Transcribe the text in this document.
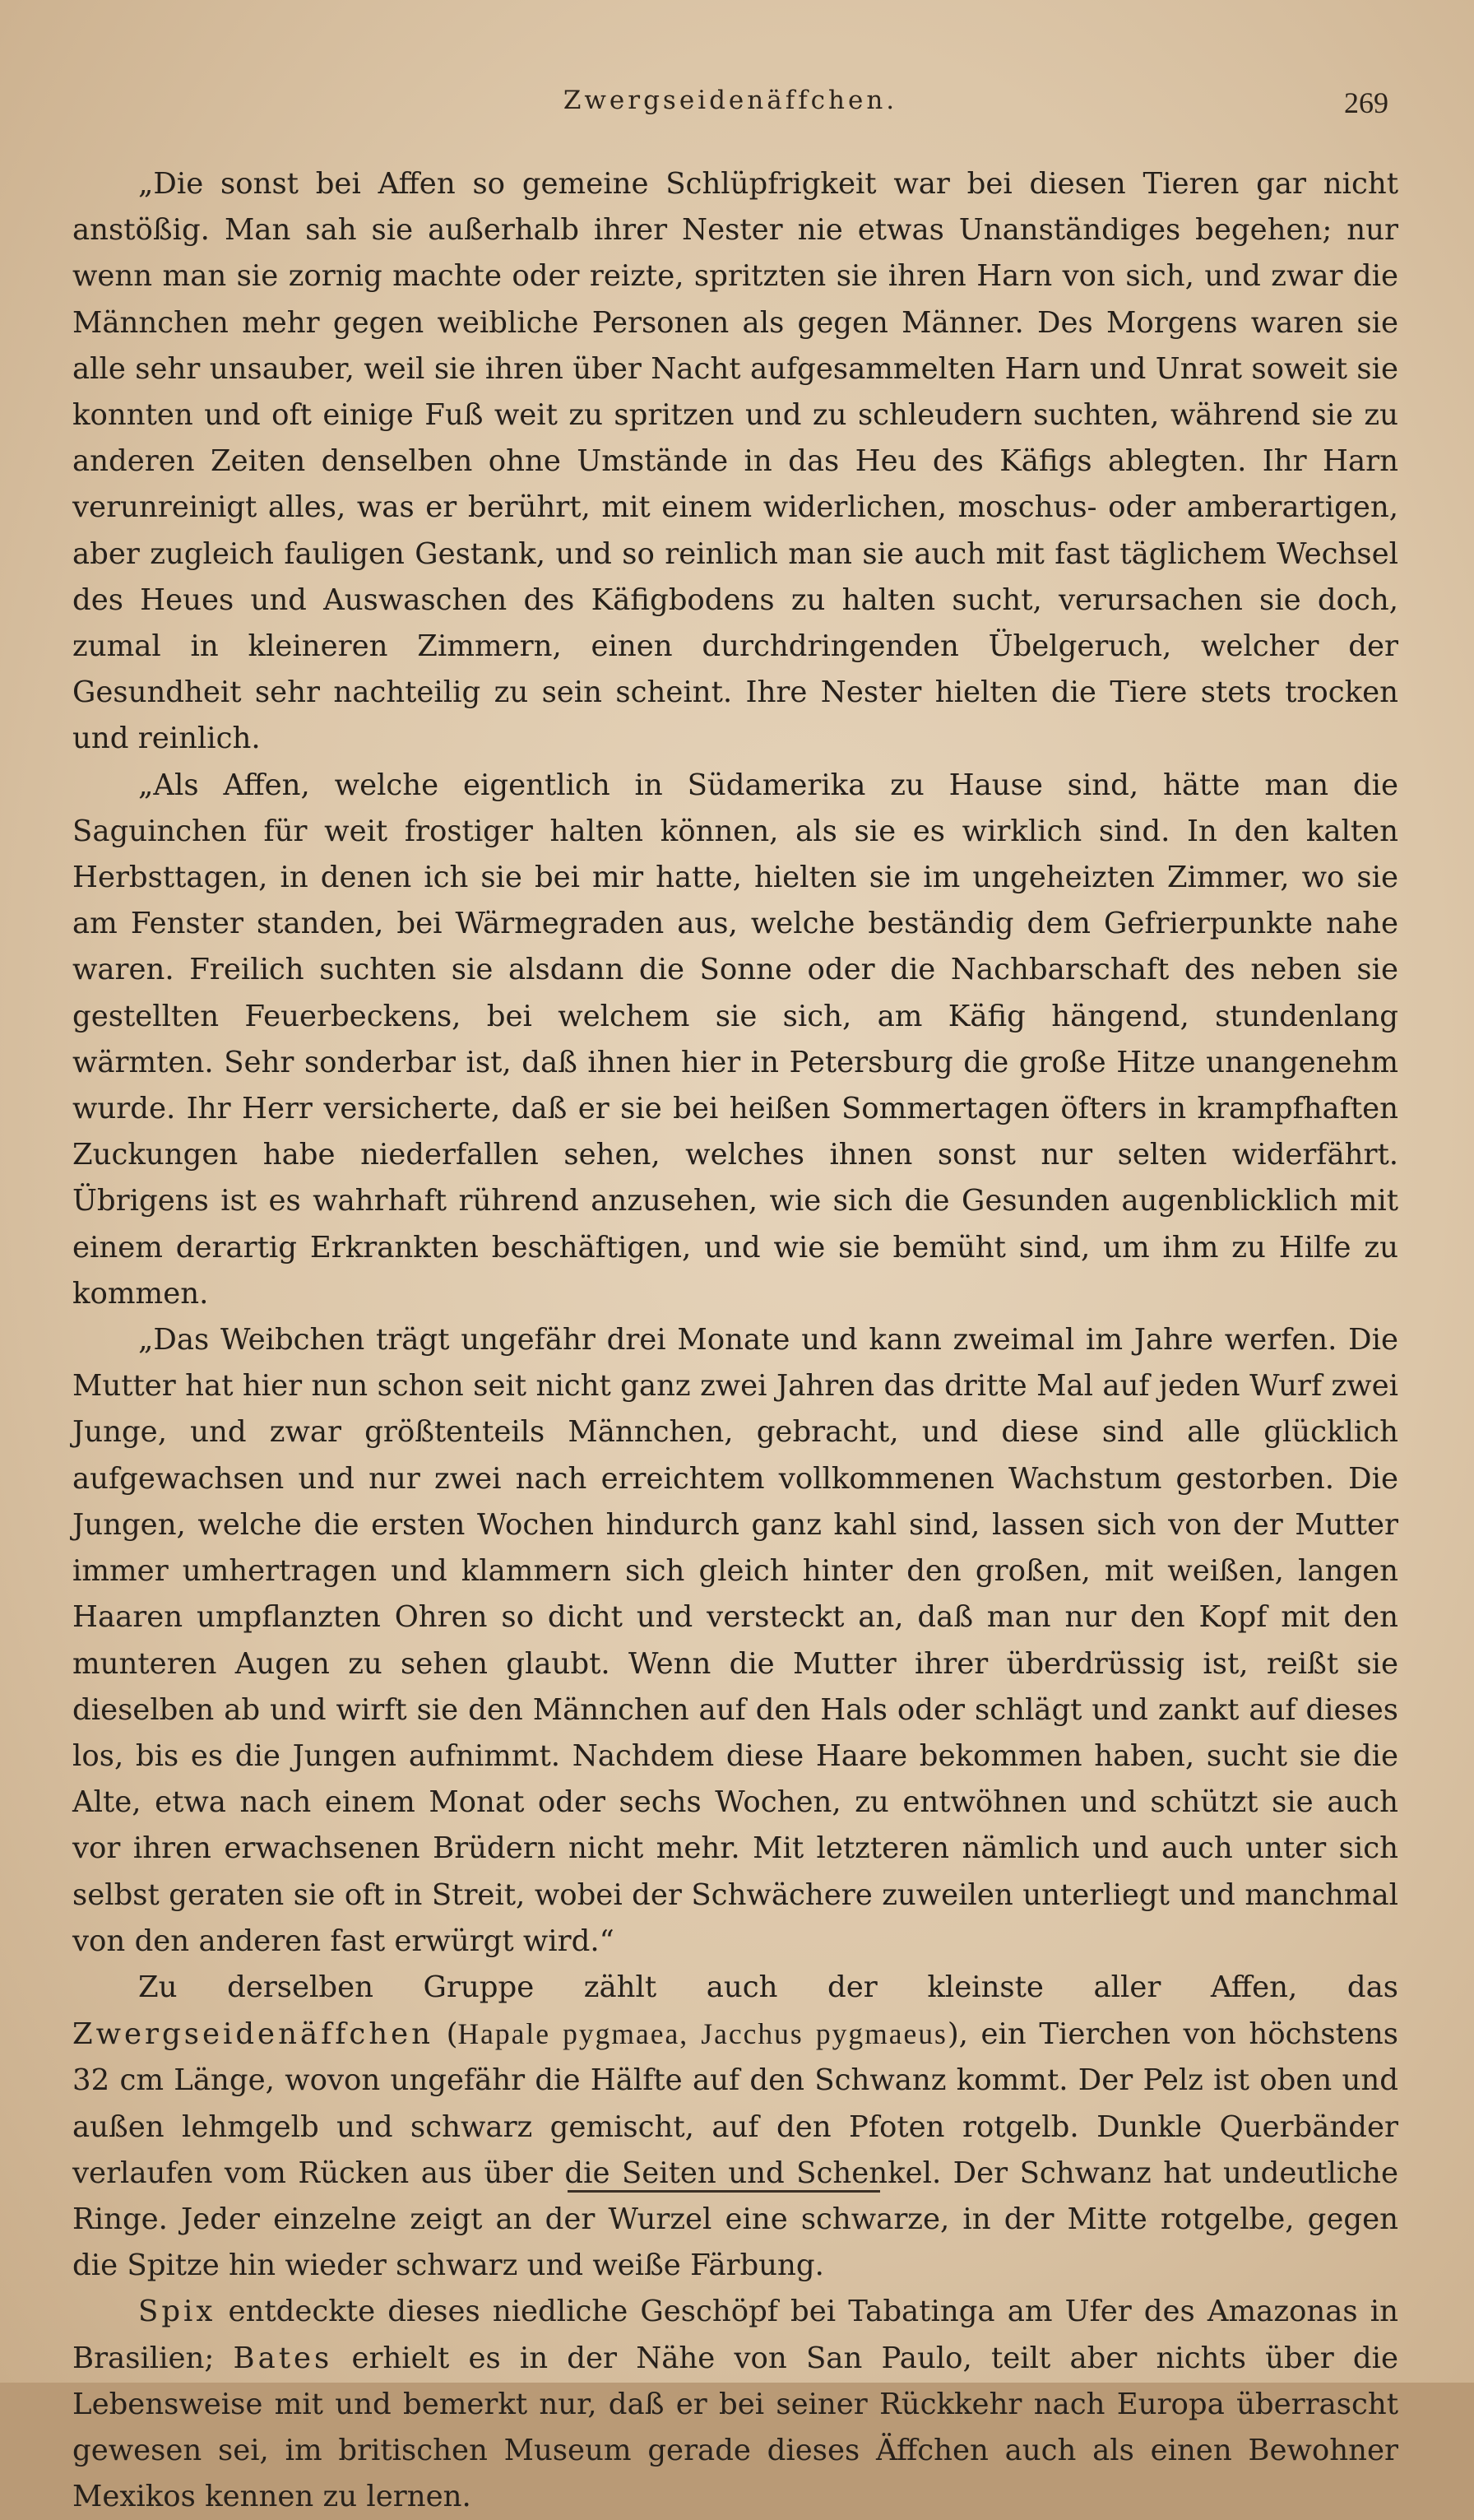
Zwergseidenäffchen.	269

„Die sonst bei Affen so gemeine Schlüpfrigkeit war bei diesen Tieren gar nicht anstößig. Man sah sie außerhalb ihrer Nester nie etwas Unanständiges begehen; nur wenn man sie zornig machte oder reizte, spritzten sie ihren Harn von sich, und zwar die Männchen mehr gegen weibliche Personen als gegen Männer. Des Morgens waren sie alle sehr unsauber, weil sie ihren über Nacht aufgesammelten Harn und Unrat soweit sie konnten und oft einige Fuß weit zu spritzen und zu schleudern suchten, während sie zu anderen Zeiten denselben ohne Umstände in das Heu des Käfigs ablegten. Ihr Harn verunreinigt alles, was er berührt, mit einem widerlichen, moschus- oder amberartigen, aber zugleich fauligen Gestank, und so reinlich man sie auch mit fast täglichem Wechsel des Heues und Auswaschen des Käfigbodens zu halten sucht, verursachen sie doch, zumal in kleineren Zimmern, einen durchdringenden Übelgeruch, welcher der Gesundheit sehr nachteilig zu sein scheint. Ihre Nester hielten die Tiere stets trocken und reinlich.

„Als Affen, welche eigentlich in Südamerika zu Hause sind, hätte man die Saguinchen für weit frostiger halten können, als sie es wirklich sind. In den kalten Herbsttagen, in denen ich sie bei mir hatte, hielten sie im ungeheizten Zimmer, wo sie am Fenster standen, bei Wärmegraden aus, welche beständig dem Gefrierpunkte nahe waren. Freilich suchten sie alsdann die Sonne oder die Nachbarschaft des neben sie gestellten Feuerbeckens, bei welchem sie sich, am Käfig hängend, stundenlang wärmten. Sehr sonderbar ist, daß ihnen hier in Petersburg die große Hitze unangenehm wurde. Ihr Herr versicherte, daß er sie bei heißen Sommertagen öfters in krampfhaften Zuckungen habe niederfallen sehen, welches ihnen sonst nur selten widerfährt. Übrigens ist es wahrhaft rührend anzusehen, wie sich die Gesunden augenblicklich mit einem derartig Erkrankten beschäftigen, und wie sie bemüht sind, um ihm zu Hilfe zu kommen.

„Das Weibchen trägt ungefähr drei Monate und kann zweimal im Jahre werfen. Die Mutter hat hier nun schon seit nicht ganz zwei Jahren das dritte Mal auf jeden Wurf zwei Junge, und zwar größtenteils Männchen, gebracht, und diese sind alle glücklich aufgewachsen und nur zwei nach erreichtem vollkommenen Wachstum gestorben. Die Jungen, welche die ersten Wochen hindurch ganz kahl sind, lassen sich von der Mutter immer umhertragen und klammern sich gleich hinter den großen, mit weißen, langen Haaren umpflanzten Ohren so dicht und versteckt an, daß man nur den Kopf mit den munteren Augen zu sehen glaubt. Wenn die Mutter ihrer überdrüssig ist, reißt sie dieselben ab und wirft sie den Männchen auf den Hals oder schlägt und zankt auf dieses los, bis es die Jungen aufnimmt. Nachdem diese Haare bekommen haben, sucht sie die Alte, etwa nach einem Monat oder sechs Wochen, zu entwöhnen und schützt sie auch vor ihren erwachsenen Brüdern nicht mehr. Mit letzteren nämlich und auch unter sich selbst geraten sie oft in Streit, wobei der Schwächere zuweilen unterliegt und manchmal von den anderen fast erwürgt wird.“

Zu derselben Gruppe zählt auch der kleinste aller Affen, das Zwergseidenäffchen (Hapale pygmaea, Jacchus pygmaeus), ein Tierchen von höchstens 32 cm Länge, wovon ungefähr die Hälfte auf den Schwanz kommt. Der Pelz ist oben und außen lehmgelb und schwarz gemischt, auf den Pfoten rotgelb. Dunkle Querbänder verlaufen vom Rücken aus über die Seiten und Schenkel. Der Schwanz hat undeutliche Ringe. Jeder einzelne zeigt an der Wurzel eine schwarze, in der Mitte rotgelbe, gegen die Spitze hin wieder schwarz und weiße Färbung.

Spix entdeckte dieses niedliche Geschöpf bei Tabatinga am Ufer des Amazonas in Brasilien; Bates erhielt es in der Nähe von San Paulo, teilt aber nichts über die Lebensweise mit und bemerkt nur, daß er bei seiner Rückkehr nach Europa überrascht gewesen sei, im britischen Museum gerade dieses Äffchen auch als einen Bewohner Mexikos kennen zu lernen.
